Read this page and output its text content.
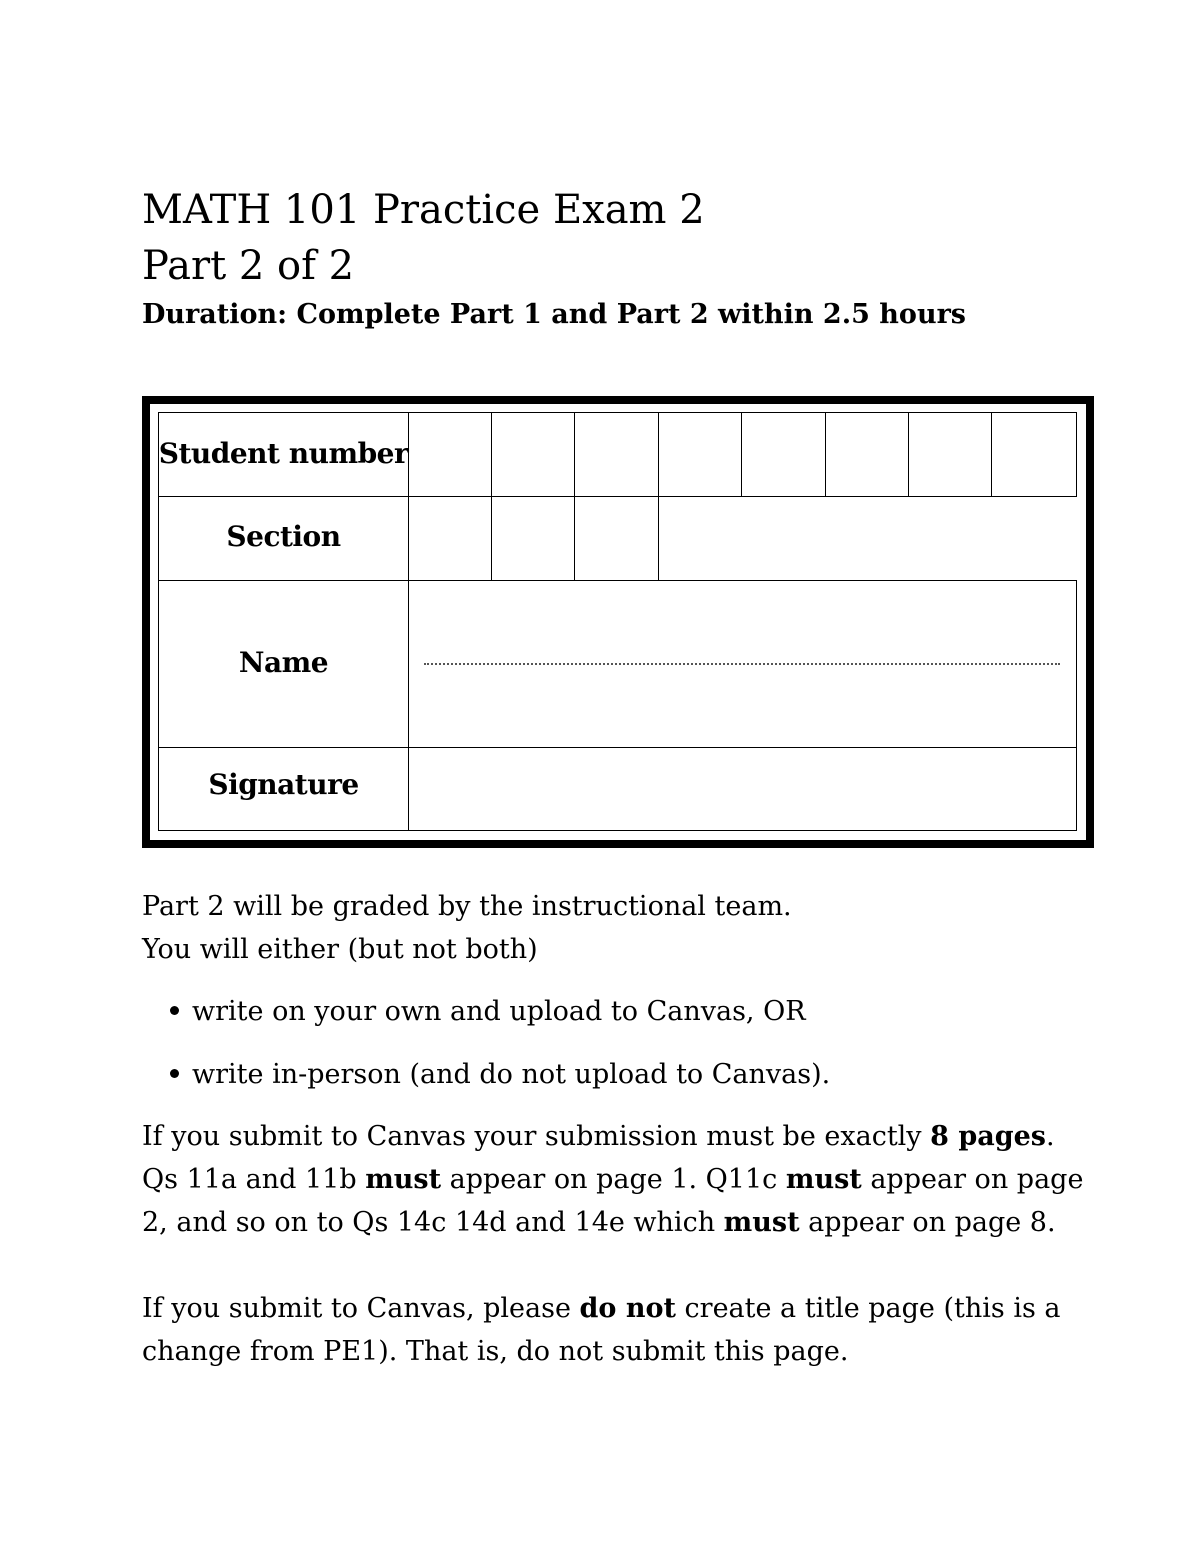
MATH 101 Practice Exam 2
Part 2 of 2
Duration: Complete Part 1 and Part 2 within 2.5 hours
Student number
Section
Name
Signature
Part 2 will be graded by the instructional team.
You will either (but not both)
write on your own and upload to Canvas, OR
write in-person (and do not upload to Canvas).
If you submit to Canvas your submission must be exactly 8 pages.
Qs 11a and 11b must appear on page 1. Q11c must appear on page
2, and so on to Qs 14c 14d and 14e which must appear on page 8.
If you submit to Canvas, please do not create a title page (this is a
change from PE1). That is, do not submit this page.
